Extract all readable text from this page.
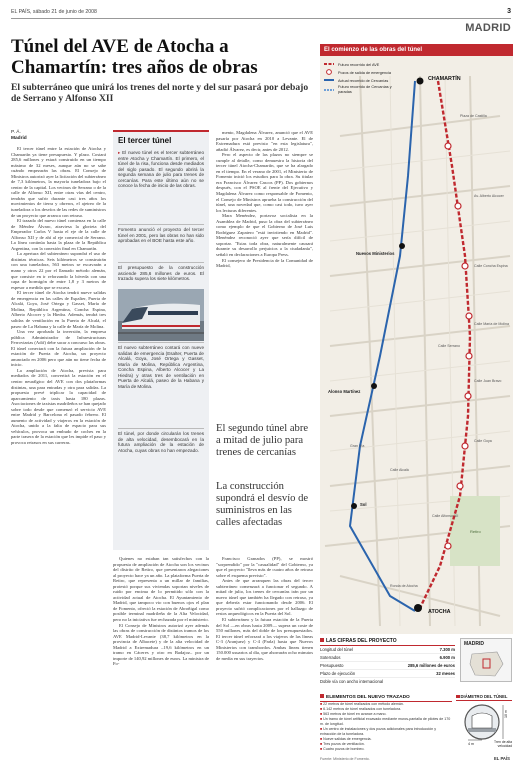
EL PAÍS, sábado 21 de junio de 2008	3
MADRID
Túnel del AVE de Atocha a
Chamartín: tres años de obras
El subterráneo que unirá los trenes del norte y del sur pasará por debajo de Serrano y Alfonso XII
P. Á.
Madrid

El tercer túnel entre la estación de Atocha y Chamartín ya tiene presupuesto. Y plazo. Costará 285,6 millones y estará construido en un tiempo máximo de 32 meses, aunque aún no se sabe cuándo empezarán las obras. El Consejo de Ministros autorizó ayer la licitación del subterráneo de 7,3 kilómetros, la mayoría tuneladora bajo el centro de la capital. Los vecinos de Serrano o de la calle de Alfonso XII, entre otras vías del centro, tendrán que sufrir durante casi tres años los movimientos de tierra y obreros, el ajetreo de la tuneladora o los desvíos de las redes de suministros de un proyecto que arranca con retraso.

El trazado del nuevo túnel comienza en la calle de Méndez Álvaro, atraviesa la glorieta del Emperador Carlos V hasta el eje de la calle de Alfonso XII y de ahí al eje comercial de Serrano. La línea continúa hasta la plaza de la República Argentina, con la conexión final en Chamartín.

La apertura del subterráneo supondrá el uso de distintas técnicas. Seis kilómetros se construirán con una tuneladora, 563 metros se excavarán a mano y otros 22 por el llamado método alemán, que consiste en ir reforzando la bóveda con una capa de hormigón de entre 1,8 y 3 metros de espesor a medida que se excava.

El tercer túnel de Atocha tendrá nueve salidas de emergencia en las calles de Espalter, Puerta de Alcalá, Goya, José Ortega y Gasset, María de Molina, República Argentina, Concha Espina, Alberto Alcocer y la Hiedra. Además, tendrá tres salidas de ventilación en la Puerta de Alcalá, el paseo de La Habana y la calle de María de Molina.

Una vez aprobada la inversión, la empresa pública Administrador de Infraestructuras Ferroviarias (Adif) debe sacar a concurso las obras. El túnel conectará con la futura ampliación de la estación de Puerta de Atocha, un proyecto anunciado en 2006 pero que aún no tiene fecha de inicio.

La ampliación de Atocha, prevista para mediados de 2011, convertirá la estación en el centro neurálgico del AVE con dos plataformas distintas, una para entradas y otra para salidas. La propuesta prevé triplicar la capacidad de aparcamiento de taxis hasta 180 plazas. Asociaciones de taxistas madrileños se han quejado sobre todo desde que comenzó el servicio AVE entre Madrid y Barcelona el pasado febrero. El aumento de actividad y viajeros en la estación de Atocha, unido a la falta de espacio para sus vehículos, provoca un embudo de coches en la parte trasera de la estación que les impide el paso y provoca retrasos en sus carreras.

El tercer túnel
▸ El nuevo túnel es el tercer subterráneo entre Atocha y Chamartín. El primero, el túnel de la risa, funciona desde mediados del siglo pasado. El segundo abrirá la segunda semana de julio para trenes de cercanías. Para este último aún no se conoce la fecha de inicio de las obras.
Fomento anunció el proyecto del tercer túnel en 2001, pero las obras no han sido aprobadas en el BOE hasta este año.
El presupuesto de la construcción asciende 285,6 millones de euros. El trazado supera los siete kilómetros.
El nuevo subterráneo contará con nueve salidas de emergencia (Esalter, Puerta de Alcalá, Goya, José Ortega y Gasset, María de Molina, República Argentina, Concha Espina, Alberto Alcocer y La Hiedra) y otras tres de ventilación en Puerta de Alcalá, paseo de la Habana y María de Molina.
El túnel, por donde circularán los trenes de alta velocidad, desembocará en la futura ampliación de la estación de Atocha, cuyas obras no han empezado.

mento, Magdalena Álvarez, anunció que el AVE pasaría por Atocha en 2010 a Levante. El de Extremadura está previsto "en esta legislatura", añadió Álvarez, es decir, antes de 2012.

Pero el aspecto de las plazos no siempre se cumple al detalle, como demuestra la historia del tercer túnel Atocha-Chamartín, que se ha alargado en el tiempo. En el verano de 2001, el Ministerio de Fomento inició los estudios para la obra. Su titular era Francisco Álvarez Cascos (PP). Dos gobiernos después, con el PSOE al frente del Ejecutivo y Magdalena Álvarez como responsable de Fomento, el Consejo de Ministros aprueba la construcción del túnel, una novedad que, como casi todo, tuvo ayer los lecturas diferentes.

Mara Menéndez, portavoz socialista en la Asamblea de Madrid, puso la obra del subterráneo como ejemplo de que el Gobierno de José Luis Rodríguez Zapatero "está invirtiendo en Madrid". Menéndez reconoció ayer que sería difícil de soportar. "Estas toda obra, naturalmente causará durante su desarrollo perjuicios a la ciudadanía", señaló en declaraciones a Europa Press.

El consejero de Presidencia de la Comunidad de Madrid,

El segundo túnel abre a mitad de julio para trenes de cercanías
La construcción supondrá el desvío de suministros en las calles afectadas

Quienes no estaban tan satisfechos con la propuesta de ampliación de Atocha son los vecinos del distrito de Retiro, que presentaron alegaciones al proyecto hace ya un año. La plataforma Puerta de Retiro, que representa a un millar de familias, protestó porque sus viviendas soportan niveles de ruido por encima de lo permitido sólo con la actividad actual de Atocha. El Ayuntamiento de Madrid, que tampoco vio con buenos ojos el plan de Fomento, ofreció la estación de Abroñigal como posible terminal madrileña de la Alta Velocidad, pero no la iniciativa fue rechazada por el ministerio.

El Consejo de Ministros autorizó ayer además las obras de construcción de distintos tramos de los AVE Madrid-Levante (38,7 kilómetros en la provincia de Albacete) y de la alta velocidad de Madrid a Extremadura –19,6 kilómetros en un tramo en Cáceres y otro en Badajoz– por un importe de 140,92 millones de euros. La ministra de Fo-

Francisco Granados (PP), se mostró "sorprendido" por la "casualidad" del Gobierno, ya que el proyecto "lleva más de cuatro años de retraso sobre el esquema previsto".

Antes de que arranquen las obras del tercer subterráneo comenzará a funcionar el segundo. A mitad de julio, los trenes de cercanías irán por un nuevo túnel que también ha llegado con retraso, ya que debería estar funcionando desde 2006. El proyecto sufrió complicaciones por el hallazgo de restos arqueológicos en la Puerta del Sol.

El subterráneo y la futura estación de la Puerta del Sol —en obras hasta 2009— supera un coste de 550 millones, más del doble de los presupuestados. El tercer túnel reforzará a los viajeros de las líneas C-3 (Aranjuez) y C-4 (Parla) hasta que Nuevos Ministerios con transbordos. Ambas líneas tienen 150.000 usuarios al día, que ahorrarán ocho minutos de media en sus trayectos.

El comienzo de las obras del túnel
Futuro recorrido del AVE
Pozos de salida de emergencia
Actual recorrido de Cercanías
Futuro recorrido de Cercanías y paradas
CHAMARTÍN
Nuevos Ministerios
Alonso Martínez
Sol
ATOCHA
Plaza de Castilla
Av. Alberto Alcocer
Calle Concha Espina
Calle María de Molina
Calle Juan Bravo
Calle Goya
Calle Alcalá
Calle Alfonso XII
Retiro
Calle Serrano
Ronda de Atocha
Gran Vía
LAS CIFRAS DEL PROYECTO
Longitud del túnel	7.300 m
Soterrados	6.900 m
Presupuesto	285,6 millones de euros
Plazo de ejecución	32 meses
Doble vía con ancho internacional
MADRID
ELEMENTOS DEL NUEVO TRAZADO
■ 22 metros de túnel realizados con método alemán.
■ 6.142 metros de túnel realizados con tuneladora.
■ 563 metros de túnel en avance a mano.
■ Un tramo de túnel artificial excavado mediante muros-pantalla de pilotes de 170 m. de longitud.
■ Un centro de instalaciones y dos pozos adicionales para introducción y extracción de la tuneladora.
■ Nueve salidas de emergencia.
■ Tres pozos de ventilación.
■ Cuatro pozos de bombeo.
DIÁMETRO DEL TÚNEL
10 m
4 m	Tren de alta velocidad
Fuente: Ministerio de Fomento.	EL PAÍS
